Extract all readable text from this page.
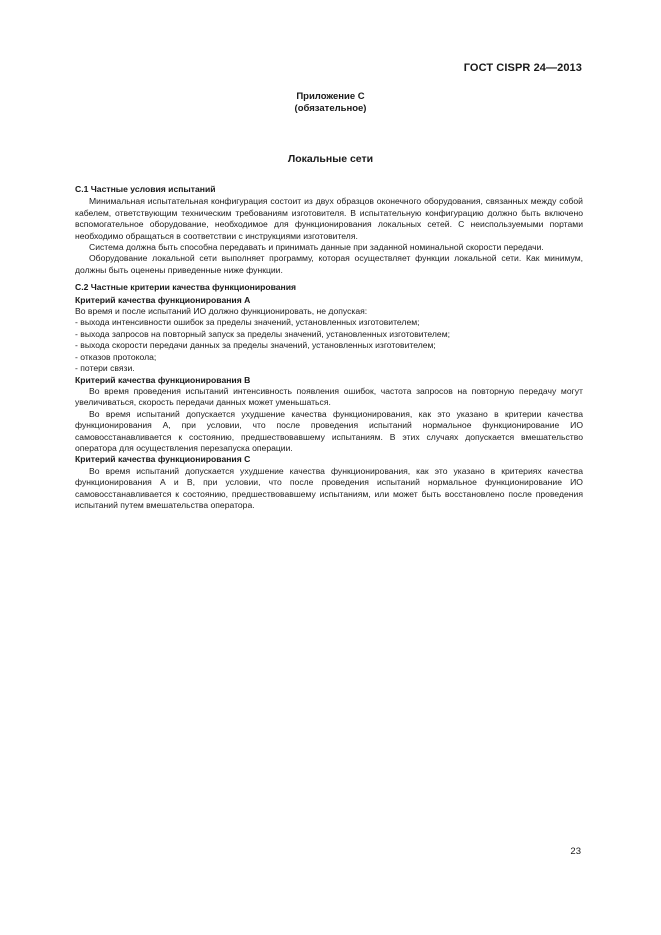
ГОСТ CISPR 24—2013
Приложение С
(обязательное)
Локальные сети

С.1 Частные условия испытаний

Минимальная испытательная конфигурация состоит из двух образцов оконечного оборудования, связанных между собой кабелем, ответствующим техническим требованиям изготовителя. В испытательную конфигурацию должно быть включено вспомогательное оборудование, необходимое для функционирования локальных сетей. С неиспользуемыми портами необходимо обращаться в соответствии с инструкциями изготовителя.

Система должна быть способна передавать и принимать данные при заданной номинальной скорости передачи.

Оборудование локальной сети выполняет программу, которая осуществляет функции локальной сети. Как минимум, должны быть оценены приведенные ниже функции.

С.2 Частные критерии качества функционирования

Критерий качества функционирования А

Во время и после испытаний ИО должно функционировать, не допуская:

- выхода интенсивности ошибок за пределы значений, установленных изготовителем;

- выхода запросов на повторный запуск за пределы значений, установленных изготовителем;

- выхода скорости передачи данных за пределы значений, установленных изготовителем;

- отказов протокола;

- потери связи.

Критерий качества функционирования В

Во время проведения испытаний интенсивность появления ошибок, частота запросов на повторную передачу могут увеличиваться, скорость передачи данных может уменьшаться.

Во время испытаний допускается ухудшение качества функционирования, как это указано в критерии качества функционирования А, при условии, что после проведения испытаний нормальное функционирование ИО самовосстанавливается к состоянию, предшествовавшему испытаниям. В этих случаях допускается вмешательство оператора для осуществления перезапуска операции.

Критерий качества функционирования С

Во время испытаний допускается ухудшение качества функционирования, как это указано в критериях качества функционирования А и В, при условии, что после проведения испытаний нормальное функционирование ИО самовосстанавливается к состоянию, предшествовавшему испытаниям, или может быть восстановлено после проведения испытаний путем вмешательства оператора.

23
